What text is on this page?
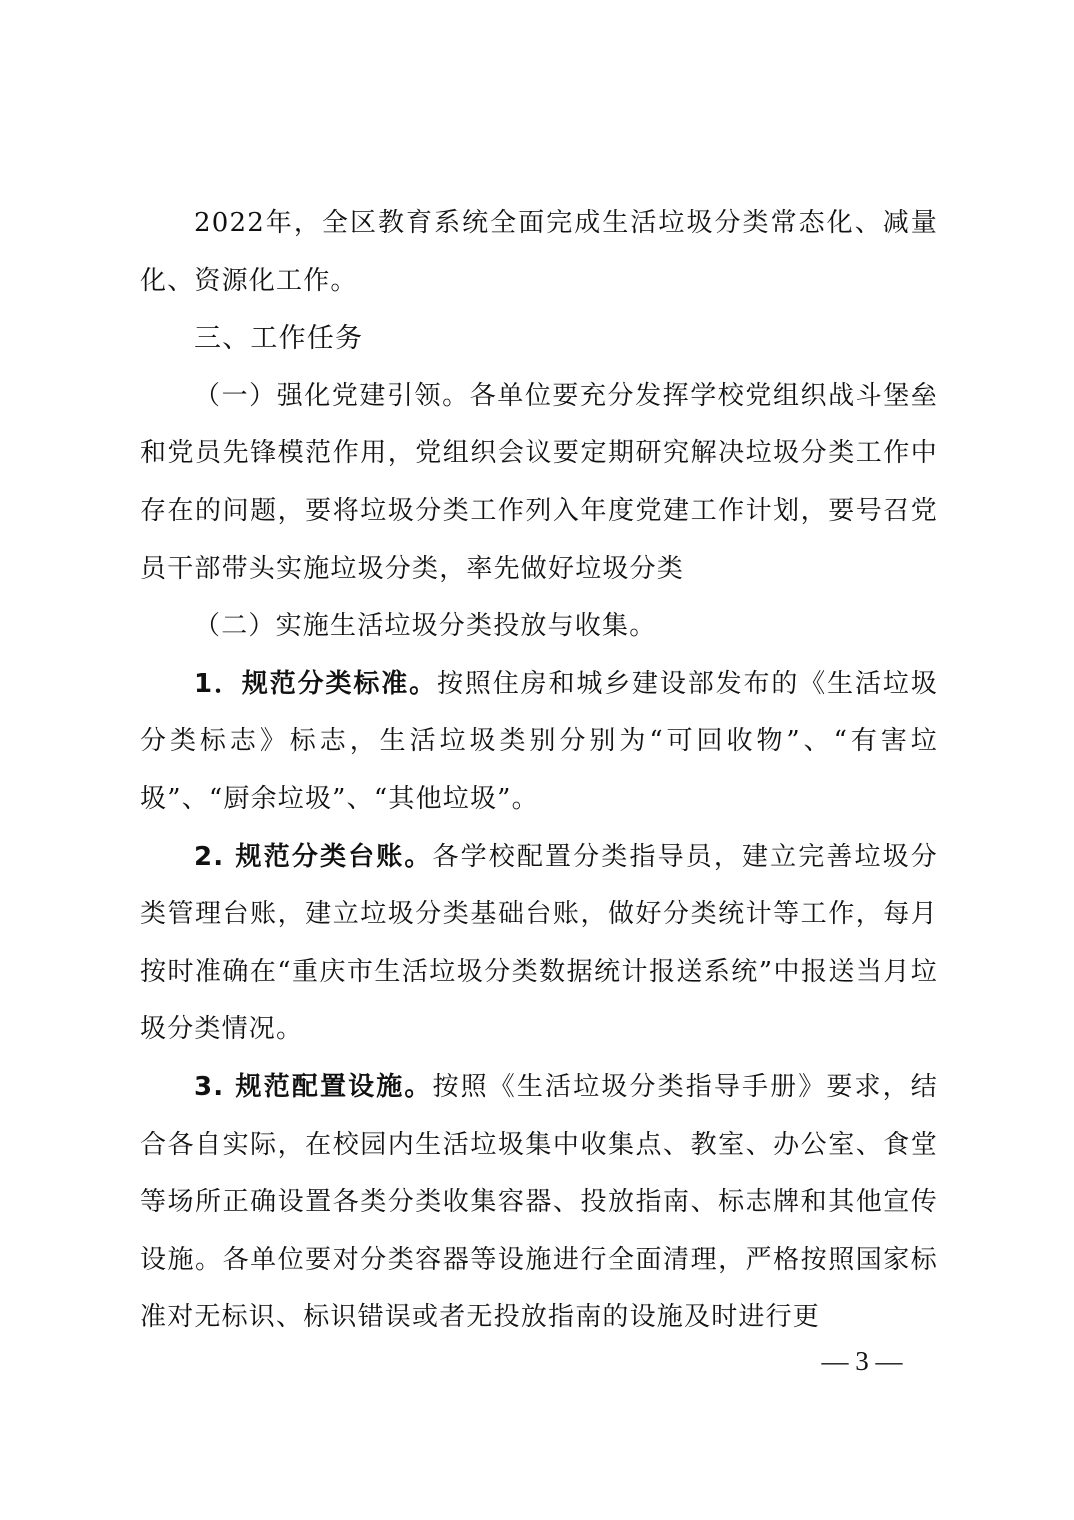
2022年，全区教育系统全面完成生活垃圾分类常态化、减量化、资源化工作。

三、工作任务

（一）强化党建引领。各单位要充分发挥学校党组织战斗堡垒和党员先锋模范作用，党组织会议要定期研究解决垃圾分类工作中存在的问题，要将垃圾分类工作列入年度党建工作计划，要号召党员干部带头实施垃圾分类，率先做好垃圾分类

（二）实施生活垃圾分类投放与收集。

1．规范分类标准。按照住房和城乡建设部发布的《生活垃圾分类标志》标志，生活垃圾类别分别为“可回收物”、“有害垃圾”、“厨余垃圾”、“其他垃圾”。

2. 规范分类台账。各学校配置分类指导员，建立完善垃圾分类管理台账，建立垃圾分类基础台账，做好分类统计等工作，每月按时准确在“重庆市生活垃圾分类数据统计报送系统”中报送当月垃圾分类情况。

3. 规范配置设施。按照《生活垃圾分类指导手册》要求，结合各自实际，在校园内生活垃圾集中收集点、教室、办公室、食堂等场所正确设置各类分类收集容器、投放指南、标志牌和其他宣传设施。各单位要对分类容器等设施进行全面清理，严格按照国家标准对无标识、标识错误或者无投放指南的设施及时进行更

— 3 —
